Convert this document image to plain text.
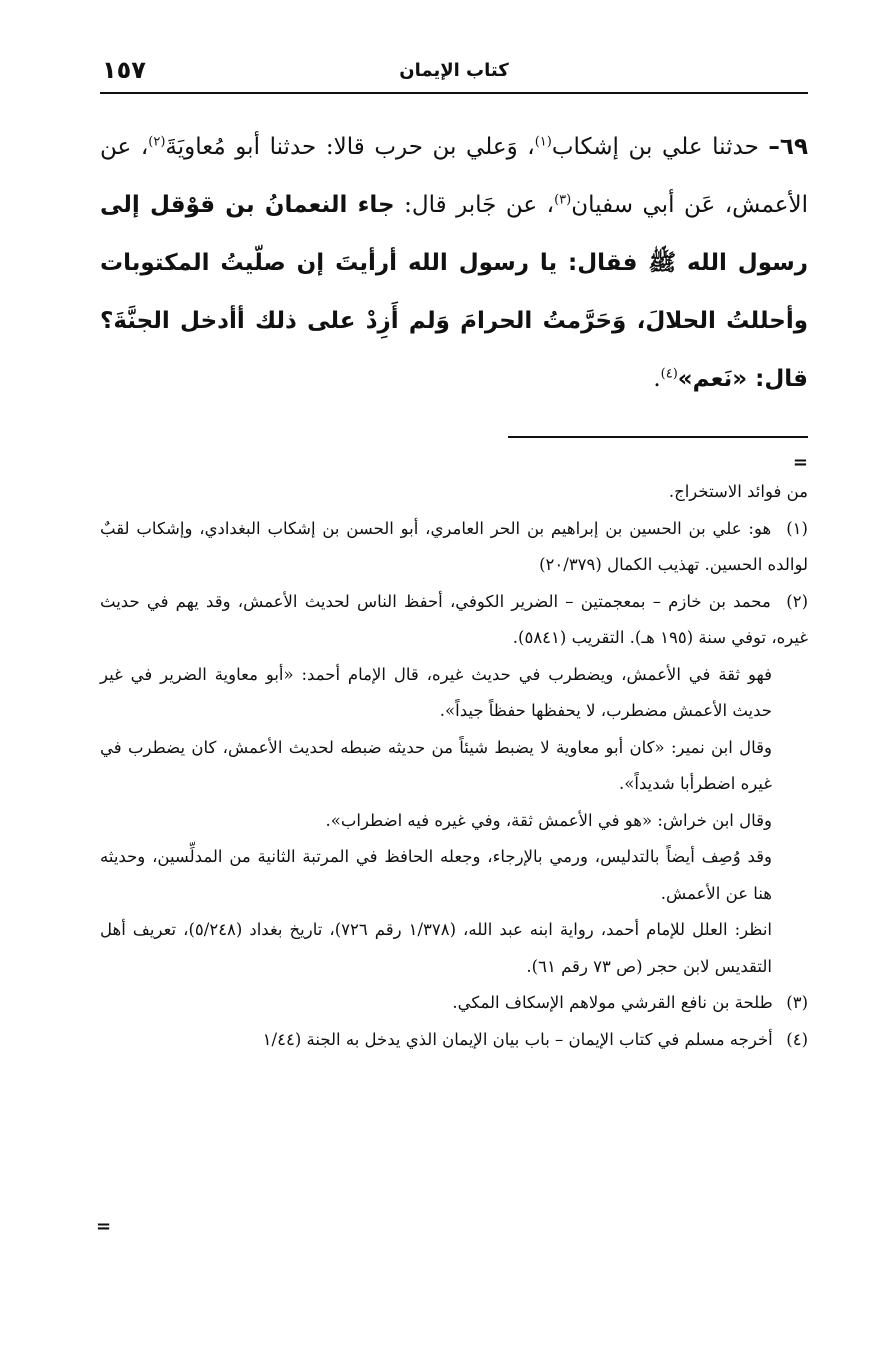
كتاب الإيمان
١٥٧
٦٩– حدثنا علي بن إشكاب$^{(١)}$، وَعلي بن حرب قالا: حدثنا أبو مُعاويَةَ$^{(٢)}$، عن الأعمش، عَن أبي سفيان$^{(٣)}$، عن جَابر قال: جاء النعمانُ بن قوْقل إلى رسول الله ﷺ فقال: يا رسول الله أرأيتَ إن صلّيتُ المكتوبات وأحللتُ الحلالَ، وَحَرَّمتُ الحرامَ وَلم أَزِدْ على ذلك أأدخل الجنَّةَ؟ قال: «نَعم»$^{(٤)}$.
=

من فوائد الاستخراج.

(١) هو: علي بن الحسين بن إبراهيم بن الحر العامري، أبو الحسن بن إشكاب البغدادي، وإشكاب لقبٌ لوالده الحسين. تهذيب الكمال (٢٠/٣٧٩)

(٢) محمد بن خازم – بمعجمتين – الضرير الكوفي، أحفظ الناس لحديث الأعمش، وقد يهم في حديث غيره، توفي سنة (١٩٥ هـ). التقريب (٥٨٤١).

فهو ثقة في الأعمش، ويضطرب في حديث غيره، قال الإمام أحمد: «أبو معاوية الضرير في غير حديث الأعمش مضطرب، لا يحفظها حفظاً جيداً».

وقال ابن نمير: «كان أبو معاوية لا يضبط شيئاً من حديثه ضبطه لحديث الأعمش، كان يضطرب في غيره اضطرأبا شديداً».

وقال ابن خراش: «هو في الأعمش ثقة، وفي غيره فيه اضطراب».

وقد وُصِف أيضاً بالتدليس، ورمي بالإرجاء، وجعله الحافظ في المرتبة الثانية من المدلِّسين، وحديثه هنا عن الأعمش.

انظر: العلل للإمام أحمد، رواية ابنه عبد الله، (١/٣٧٨ رقم ٧٢٦)، تاريخ بغداد (٥/٢٤٨)، تعريف أهل التقديس لابن حجر (ص ٧٣ رقم ٦١).

(٣) طلحة بن نافع القرشي مولاهم الإسكاف المكي.

(٤) أخرجه مسلم في كتاب الإيمان – باب بيان الإيمان الذي يدخل به الجنة (١/٤٤

=
